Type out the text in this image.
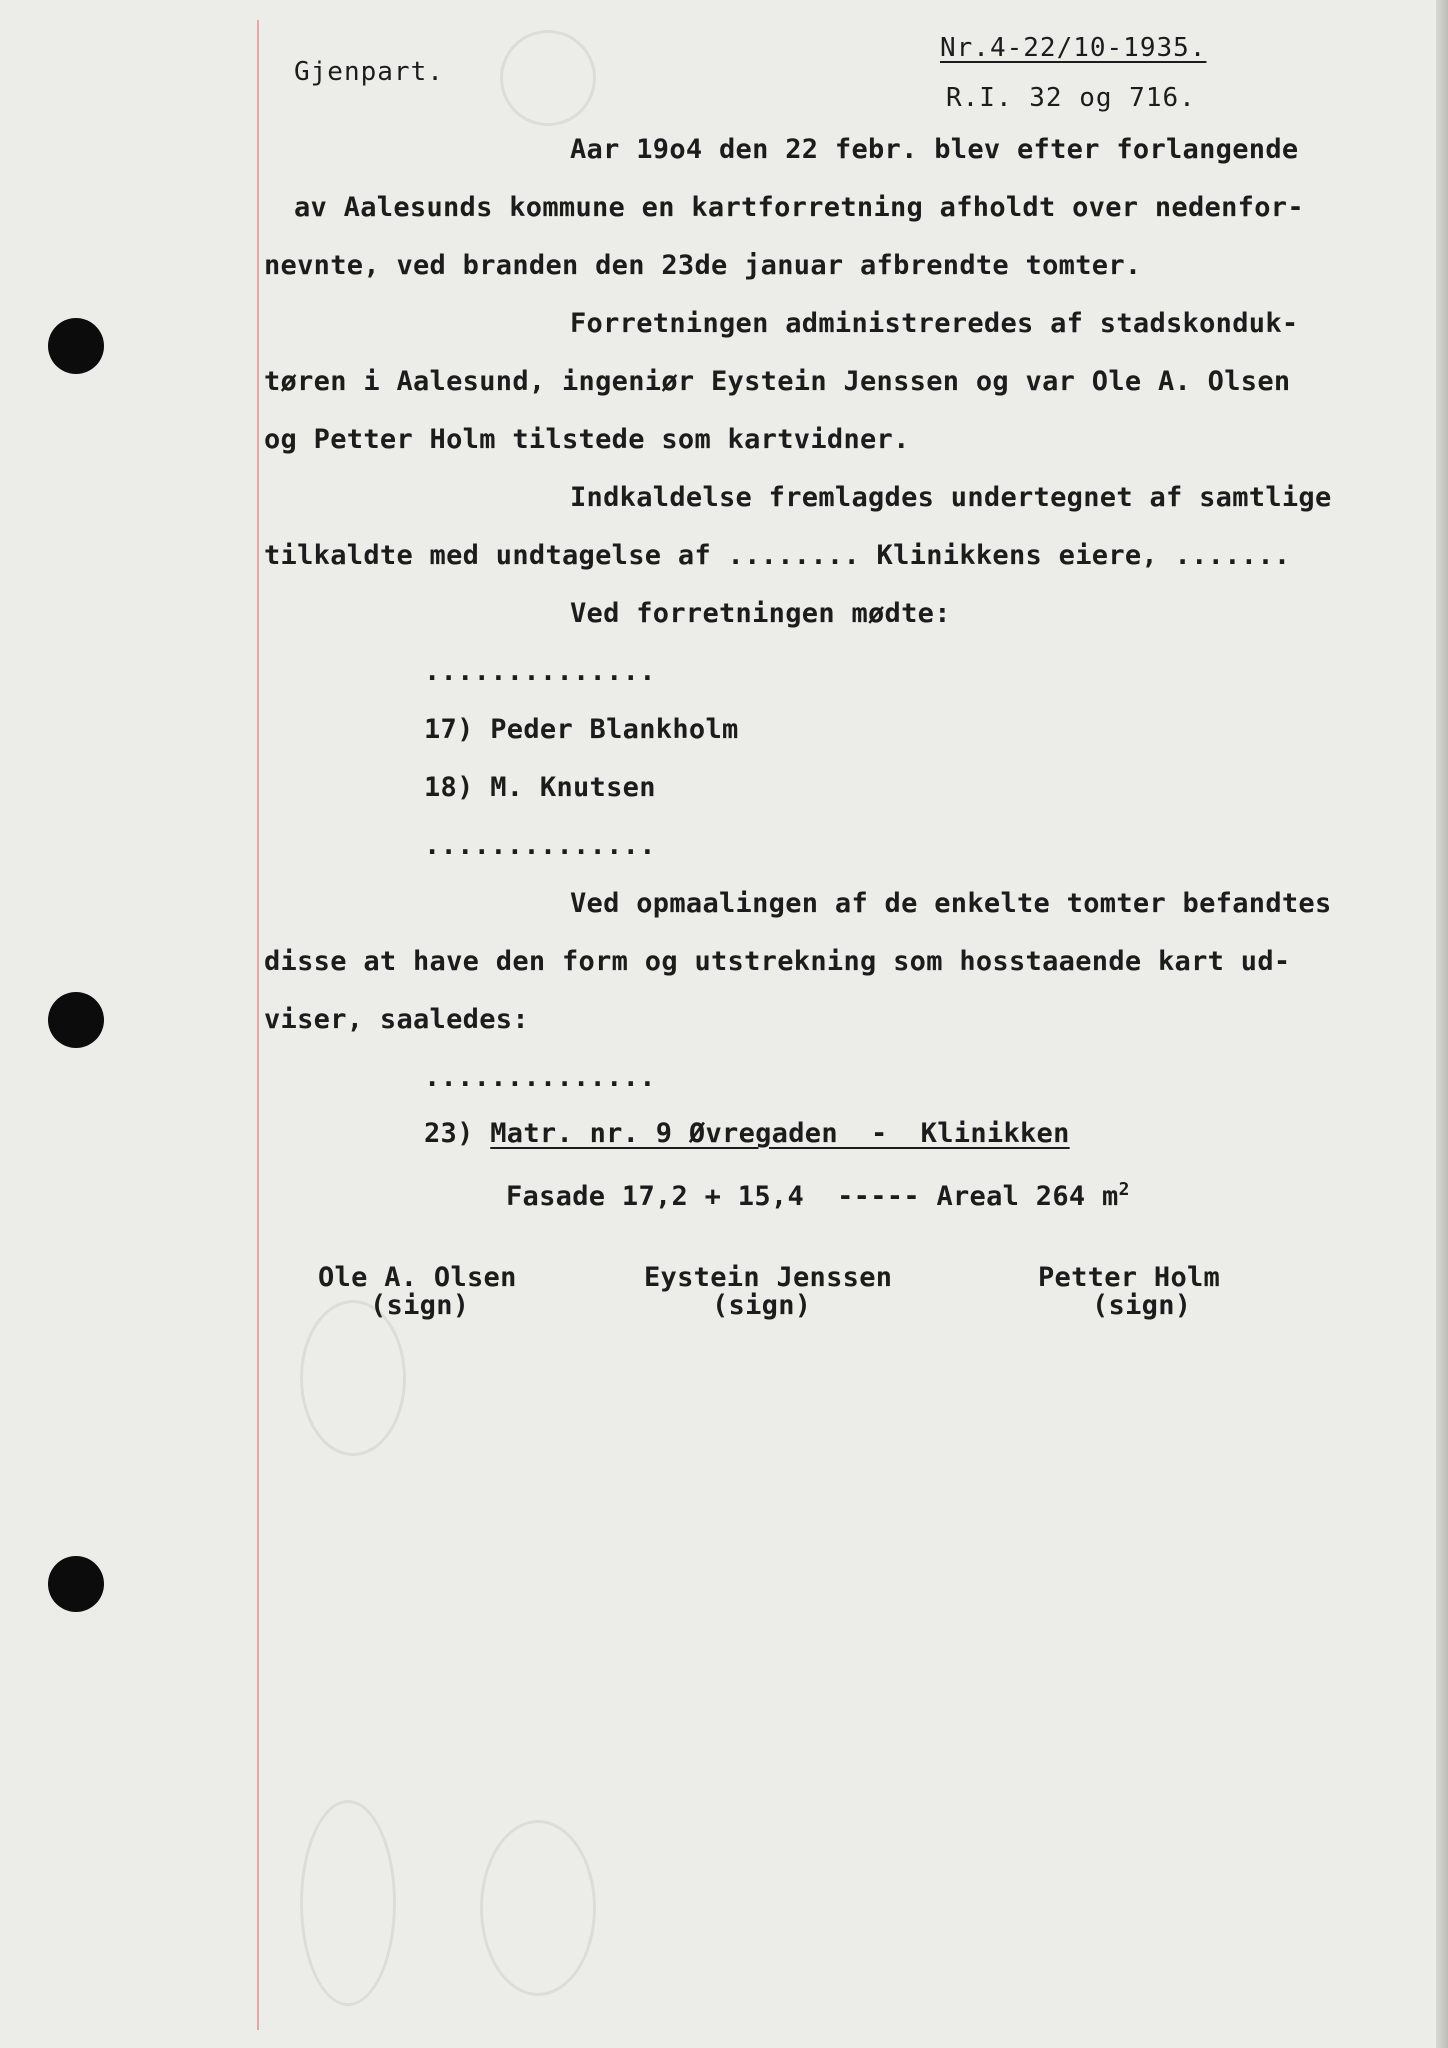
Gjenpart.
Nr.4-22/10-1935.
R.I. 32 og 716.
Aar 19o4 den 22 febr. blev efter forlangende
av Aalesunds kommune en kartforretning afholdt over nedenfor-
nevnte, ved branden den 23de januar afbrendte tomter.
Forretningen administreredes af stadskonduk-
tøren i Aalesund, ingeniør Eystein Jenssen og var Ole A. Olsen
og Petter Holm tilstede som kartvidner.
Indkaldelse fremlagdes undertegnet af samtlige
tilkaldte med undtagelse af ........ Klinikkens eiere, .......
Ved forretningen mødte:
..............
17) Peder Blankholm
18) M. Knutsen
..............
Ved opmaalingen af de enkelte tomter befandtes
disse at have den form og utstrekning som hosstaaende kart ud-
viser, saaledes:
..............
23) Matr. nr. 9 Øvregaden  -  Klinikken
Fasade 17,2 + 15,4  ----- Areal 264 $m^2$
Ole A. Olsen
(sign)
Eystein Jenssen
(sign)
Petter Holm
(sign)
